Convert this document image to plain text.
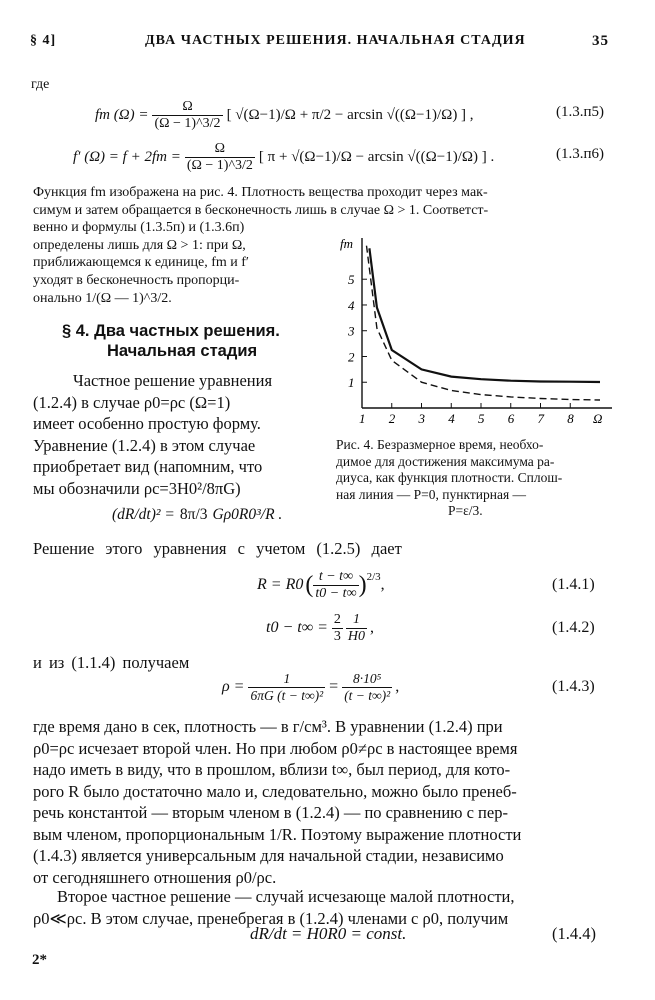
§ 4]	ДВА ЧАСТНЫХ РЕШЕНИЯ. НАЧАЛЬНАЯ СТАДИЯ	35
где
fm $(\Omega) = \frac{\Omega}{(\Omega - 1)\^{}3/2}$ [ √(Ω−1)/Ω + π/2 − arcsin √((Ω−1)/Ω) ] ,	(1.3.п5)
f′ $(\Omega) = f + 2fm = \frac{\Omega}{(\Omega - 1)\^{}3/2}$ [ π + √(Ω−1)/Ω − arcsin √((Ω−1)/Ω) ] .	(1.3.п6)
Функция fm изображена на рис. 4. Плотность вещества проходит через мак-
симум и затем обращается в бесконечность лишь в случае Ω > 1. Соответст-
венно и формулы (1.3.5п) и (1.3.6п)
определены лишь для Ω > 1: при Ω,
приближающемся к единице, fm и f′
уходят в бесконечность пропорци-
онально 1/(Ω — 1)^3/2.
§ 4. Два частных решения.
Начальная стадия
Частное решение уравнения
(1.2.4) в случае ρ0=ρc (Ω=1)
имеет особенно простую форму.
Уравнение (1.2.4) в этом случае
приобретает вид (напомним, что
мы обозначили ρc=3H0²/8πG)
(dR/dt)² = 8π/3 Gρ0R0³/R .
1 2 3 4 5 6 7 8 Ω
1
2
3
4
5
fm
Рис. 4. Безразмерное время, необхо-
димое для достижения максимума ра-
диуса, как функция плотности. Сплош-
ная линия — P=0, пунктирная —
P=ε/3.
Решение этого уравнения с учетом (1.2.5) дает
R = R0 ( $\frac{t - t\infty}{t0 - t\infty} )^{2/3}$ ,	(1.4.1)
$t0 - t\infty = \frac{2}{3} \frac{1}{H0}$ ,	(1.4.2)
и из (1.1.4) получаем
$\rho = \frac{1}{\text{6πG (t − t∞)²}} = \frac{\text{8·10⁵}}{\text{(t − t∞)²}}$ ,	(1.4.3)
где время дано в сек, плотность — в г/см³. В уравнении (1.2.4) при
ρ0=ρc исчезает второй член. Но при любом ρ0≠ρc в настоящее время
надо иметь в виду, что в прошлом, вблизи t∞, был период, для кото-
рого R было достаточно мало и, следовательно, можно было пренеб-
речь константой — вторым членом в (1.2.4) — по сравнению с пер-
вым членом, пропорциональным 1/R. Поэтому выражение плотности
(1.4.3) является универсальным для начальной стадии, независимо
от сегодняшнего отношения ρ0/ρc.
Второе частное решение — случай исчезающе малой плотности,
ρ0≪ρc. В этом случае, пренебрегая в (1.2.4) членами с ρ0, получим
dR/dt = H0R0 = const.	(1.4.4)
2*
